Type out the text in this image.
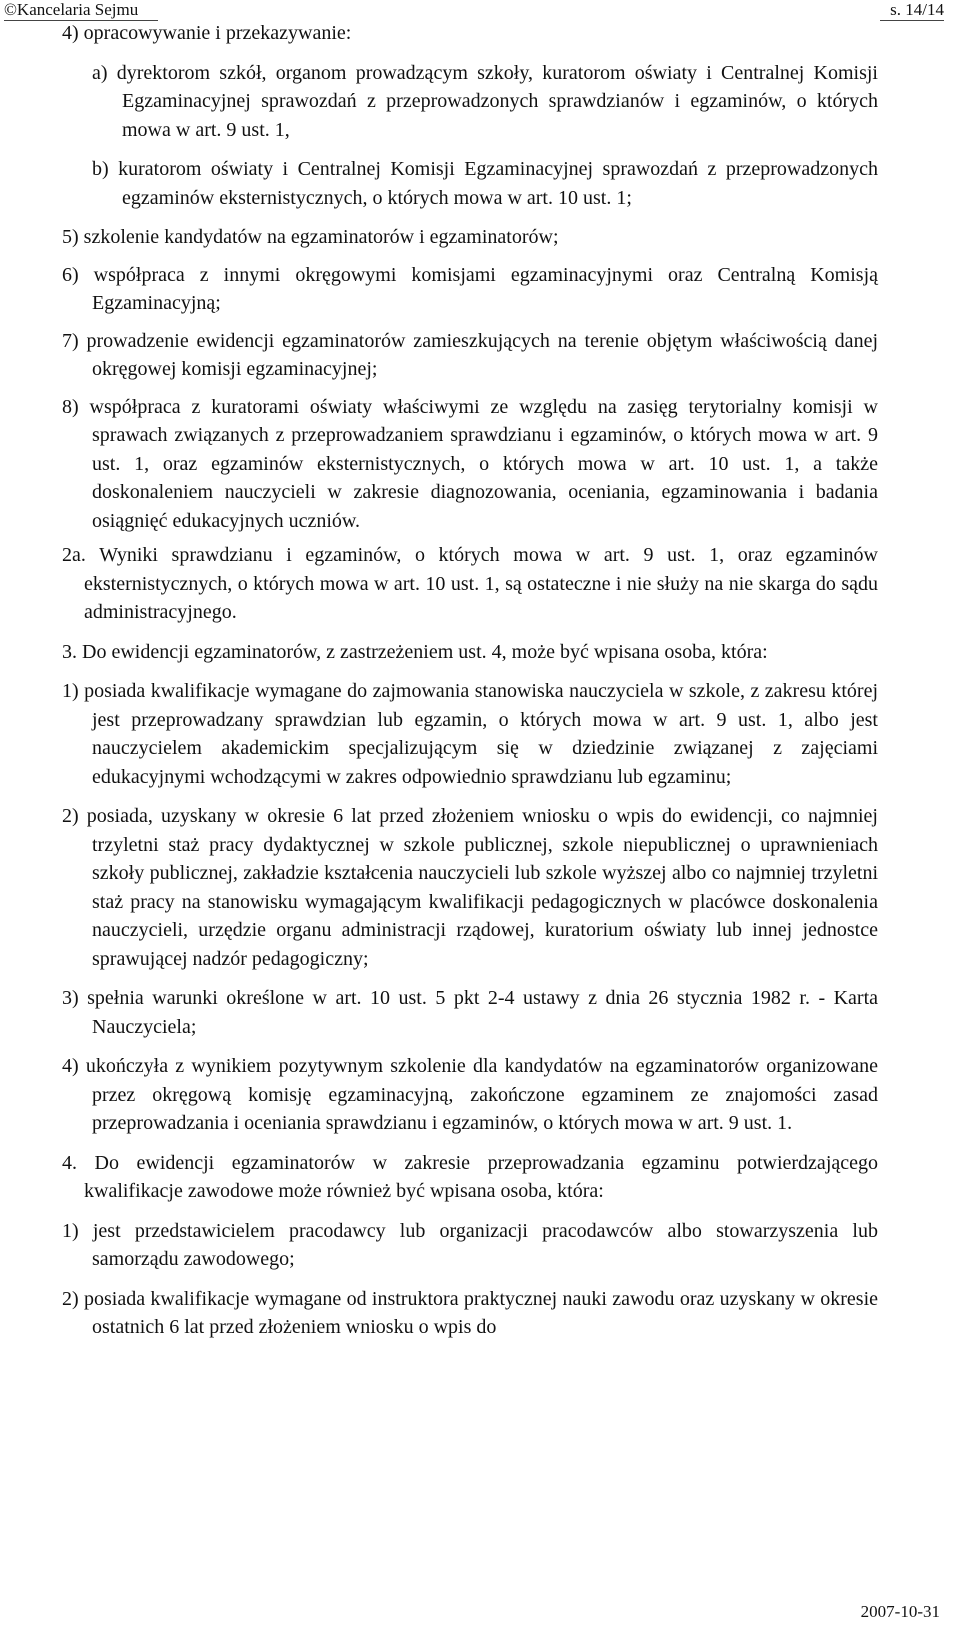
©Kancelaria Sejmu	s. 14/14

4) opracowywanie i przekazywanie:

a) dyrektorom szkół, organom prowadzącym szkoły, kuratorom oświaty i Centralnej Komisji Egzaminacyjnej sprawozdań z przeprowadzonych sprawdzianów i egzaminów, o których mowa w art. 9 ust. 1,

b) kuratorom oświaty i Centralnej Komisji Egzaminacyjnej sprawozdań z przeprowadzonych egzaminów eksternistycznych, o których mowa w art. 10 ust. 1;

5) szkolenie kandydatów na egzaminatorów i egzaminatorów;

6) współpraca z innymi okręgowymi komisjami egzaminacyjnymi oraz Centralną Komisją Egzaminacyjną;

7) prowadzenie ewidencji egzaminatorów zamieszkujących na terenie objętym właściwością danej okręgowej komisji egzaminacyjnej;

8) współpraca z kuratorami oświaty właściwymi ze względu na zasięg terytorialny komisji w sprawach związanych z przeprowadzaniem sprawdzianu i egzaminów, o których mowa w art. 9 ust. 1, oraz egzaminów eksternistycznych, o których mowa w art. 10 ust. 1, a także doskonaleniem nauczycieli w zakresie diagnozowania, oceniania, egzaminowania i badania osiągnięć edukacyjnych uczniów.

2a. Wyniki sprawdzianu i egzaminów, o których mowa w art. 9 ust. 1, oraz egzaminów eksternistycznych, o których mowa w art. 10 ust. 1, są ostateczne i nie służy na nie skarga do sądu administracyjnego.

3. Do ewidencji egzaminatorów, z zastrzeżeniem ust. 4, może być wpisana osoba, która:

1) posiada kwalifikacje wymagane do zajmowania stanowiska nauczyciela w szkole, z zakresu której jest przeprowadzany sprawdzian lub egzamin, o których mowa w art. 9 ust. 1, albo jest nauczycielem akademickim specjalizującym się w dziedzinie związanej z zajęciami edukacyjnymi wchodzącymi w zakres odpowiednio sprawdzianu lub egzaminu;

2) posiada, uzyskany w okresie 6 lat przed złożeniem wniosku o wpis do ewidencji, co najmniej trzyletni staż pracy dydaktycznej w szkole publicznej, szkole niepublicznej o uprawnieniach szkoły publicznej, zakładzie kształcenia nauczycieli lub szkole wyższej albo co najmniej trzyletni staż pracy na stanowisku wymagającym kwalifikacji pedagogicznych w placówce doskonalenia nauczycieli, urzędzie organu administracji rządowej, kuratorium oświaty lub innej jednostce sprawującej nadzór pedagogiczny;

3) spełnia warunki określone w art. 10 ust. 5 pkt 2-4 ustawy z dnia 26 stycznia 1982 r. - Karta Nauczyciela;

4) ukończyła z wynikiem pozytywnym szkolenie dla kandydatów na egzaminatorów organizowane przez okręgową komisję egzaminacyjną, zakończone egzaminem ze znajomości zasad przeprowadzania i oceniania sprawdzianu i egzaminów, o których mowa w art. 9 ust. 1.

4. Do ewidencji egzaminatorów w zakresie przeprowadzania egzaminu potwierdzającego kwalifikacje zawodowe może również być wpisana osoba, która:

1) jest przedstawicielem pracodawcy lub organizacji pracodawców albo stowarzyszenia lub samorządu zawodowego;

2) posiada kwalifikacje wymagane od instruktora praktycznej nauki zawodu oraz uzyskany w okresie ostatnich 6 lat przed złożeniem wniosku o wpis do

2007-10-31
